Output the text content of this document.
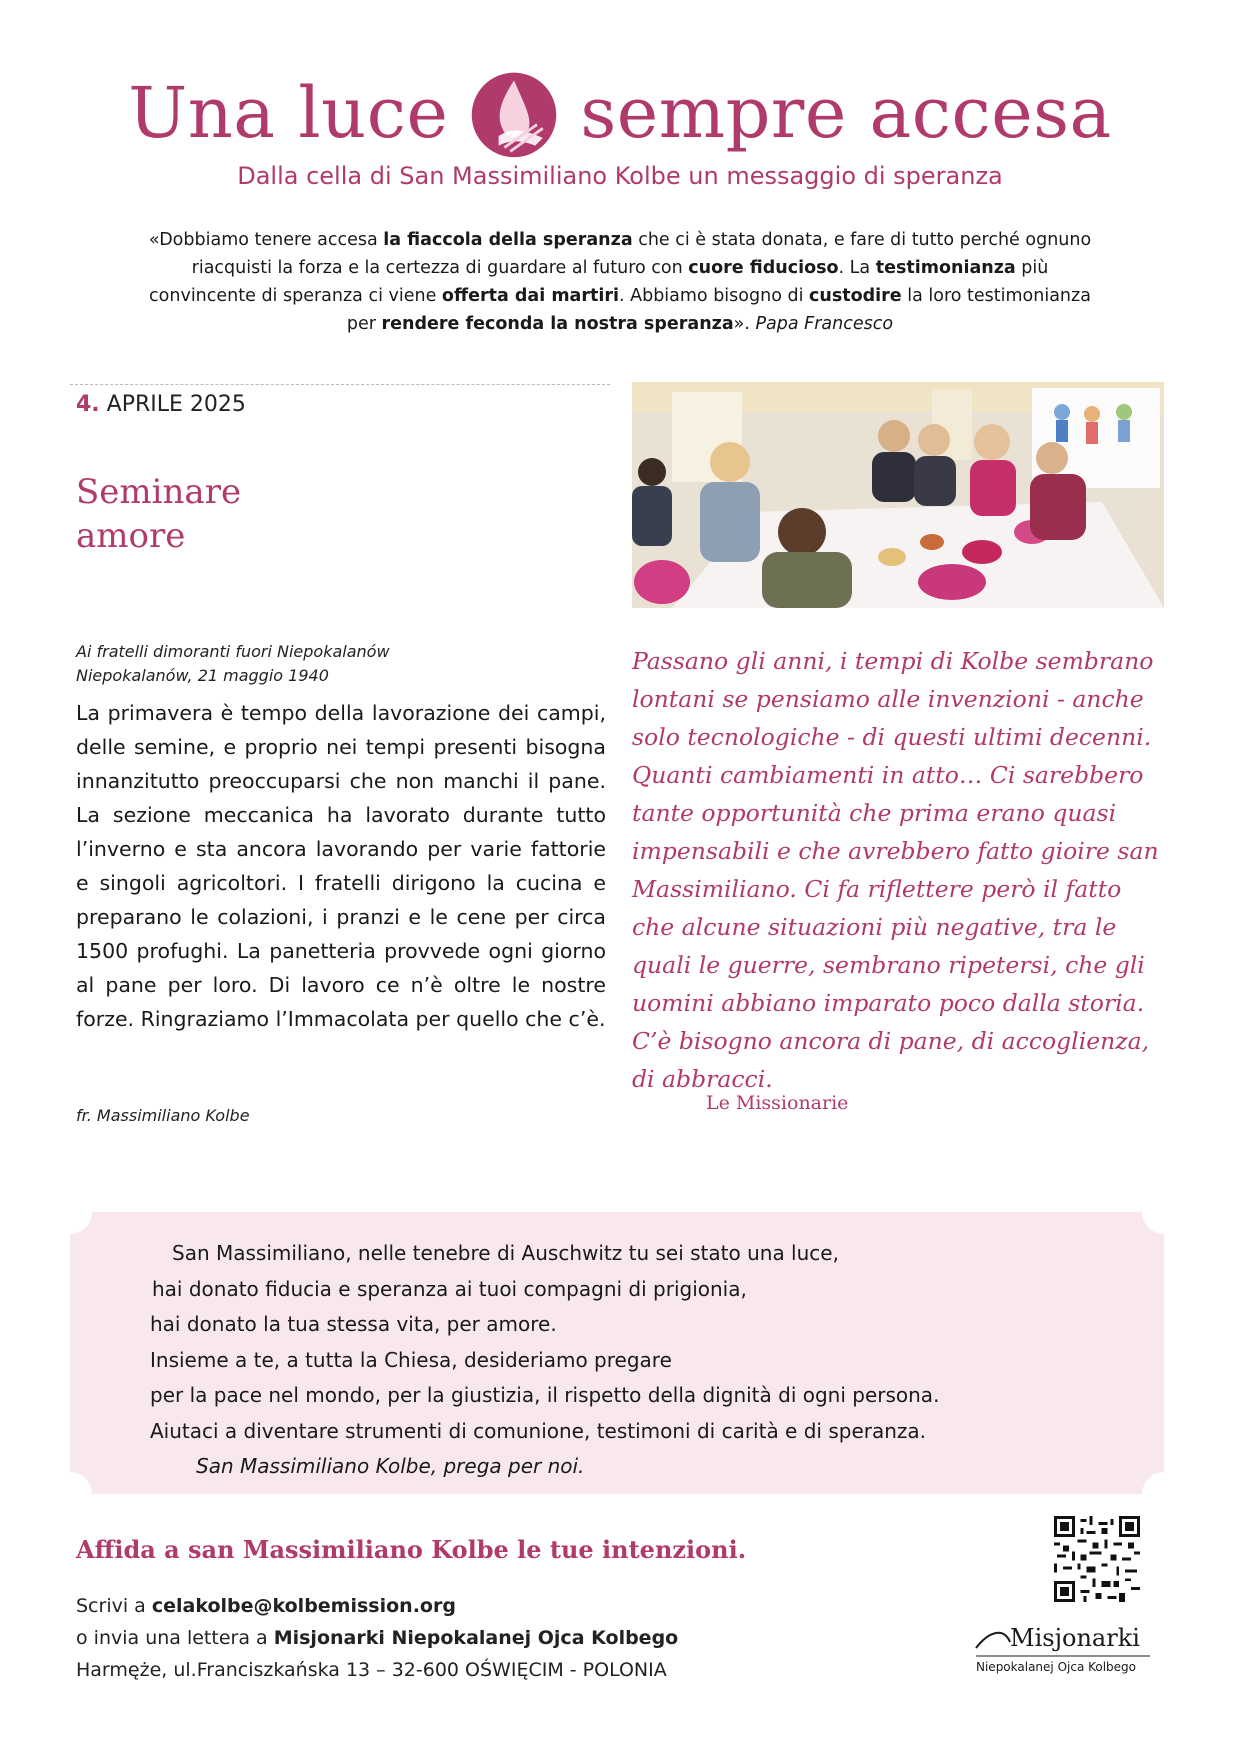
Una luce sempre accesa
Dalla cella di San Massimiliano Kolbe un messaggio di speranza
«Dobbiamo tenere accesa la fiaccola della speranza che ci è stata donata, e fare di tutto perché ognuno riacquisti la forza e la certezza di guardare al futuro con cuore fiducioso. La testimonianza più convincente di speranza ci viene offerta dai martiri. Abbiamo bisogno di custodire la loro testimonianza per rendere feconda la nostra speranza». Papa Francesco
4. APRILE 2025
Seminare
amore
Ai fratelli dimoranti fuori Niepokalanów
Niepokalanów, 21 maggio 1940
La primavera è tempo della lavorazione dei campi, delle semine, e proprio nei tempi presenti bisogna innanzitutto preoccuparsi che non manchi il pane. La sezione meccanica ha lavorato durante tutto l’inverno e sta ancora lavorando per varie fattorie e singoli agricoltori. I fratelli dirigono la cucina e preparano le colazioni, i pranzi e le cene per circa 1500 profughi. La panetteria provvede ogni giorno al pane per loro. Di lavoro ce n’è oltre le nostre forze. Ringraziamo l’Immacolata per quello che c’è.
fr. Massimiliano Kolbe
Passano gli anni, i tempi di Kolbe sembrano lontani se pensiamo alle invenzioni - anche solo tecnologiche - di questi ultimi decenni. Quanti cambiamenti in atto… Ci sarebbero tante opportunità che prima erano quasi impensabili e che avrebbero fatto gioire san Massimiliano. Ci fa riflettere però il fatto che alcune situazioni più negative, tra le quali le guerre, sembrano ripetersi, che gli uomini abbiano imparato poco dalla storia. C’è bisogno ancora di pane, di accoglienza, di abbracci.
Le Missionarie
San Massimiliano, nelle tenebre di Auschwitz tu sei stato una luce,
hai donato fiducia e speranza ai tuoi compagni di prigionia,
hai donato la tua stessa vita, per amore.
Insieme a te, a tutta la Chiesa, desideriamo pregare
per la pace nel mondo, per la giustizia, il rispetto della dignità di ogni persona.
Aiutaci a diventare strumenti di comunione, testimoni di carità e di speranza.
San Massimiliano Kolbe, prega per noi.
Affida a san Massimiliano Kolbe le tue intenzioni.
Scrivi a celakolbe@kolbemission.org
o invia una lettera a Misjonarki Niepokalanej Ojca Kolbego
Harmęże, ul.Franciszkańska 13 – 32-600 OŚWIĘCIM - POLONIA
Misjonarki
Niepokalanej Ojca Kolbego
